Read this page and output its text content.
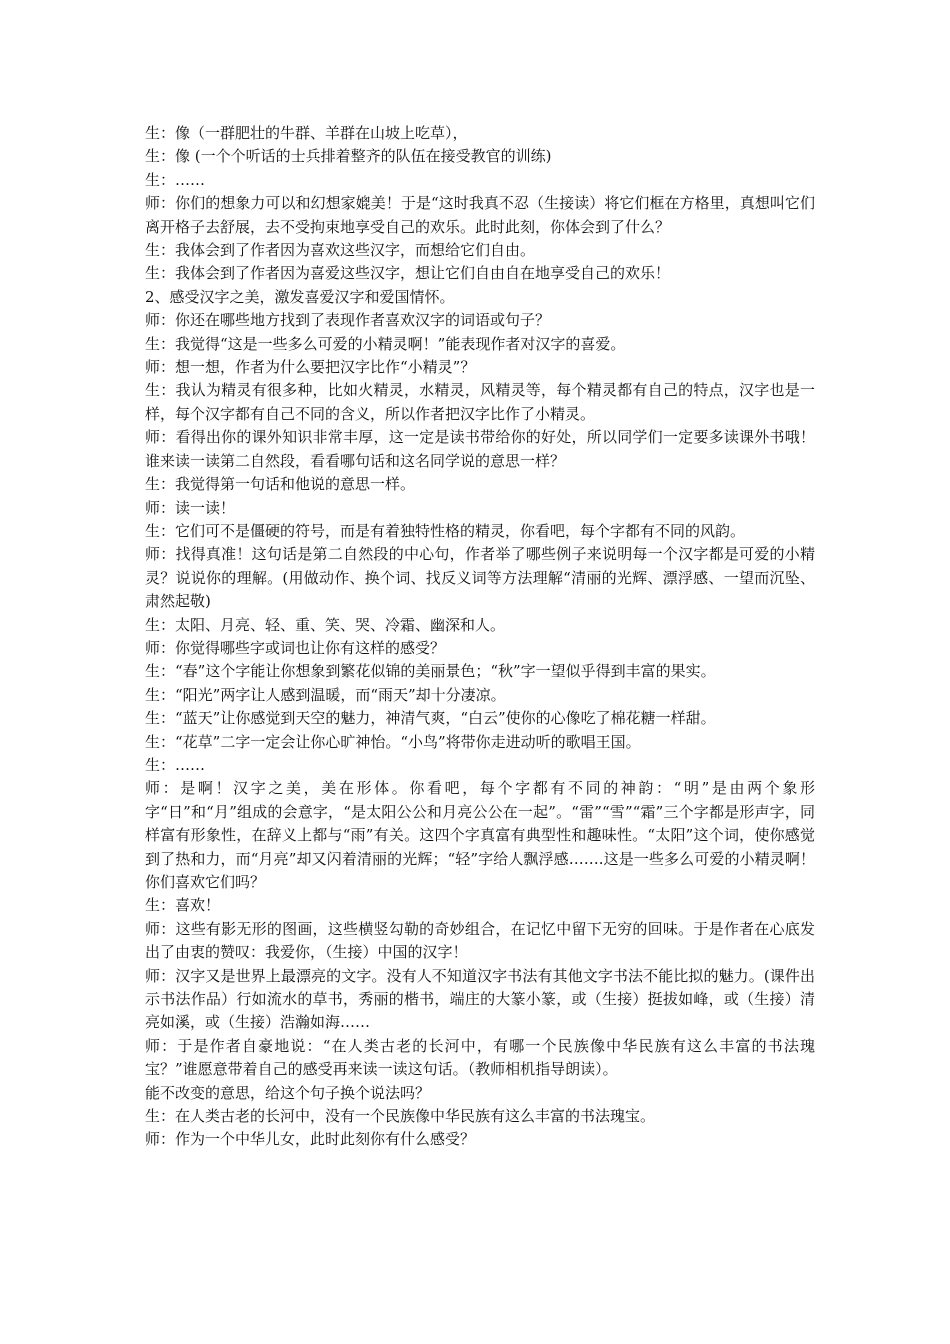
生：像（一群肥壮的牛群、羊群在山坡上吃草），

生：像 (一个个听话的士兵排着整齐的队伍在接受教官的训练)

生：……

师：你们的想象力可以和幻想家媲美！于是“这时我真不忍（生接读）将它们框在方格里，真想叫它们离开格子去舒展，去不受拘束地享受自己的欢乐。此时此刻，你体会到了什么？

生：我体会到了作者因为喜欢这些汉字，而想给它们自由。

生：我体会到了作者因为喜爱这些汉字，想让它们自由自在地享受自己的欢乐！

2、感受汉字之美，激发喜爱汉字和爱国情怀。

师：你还在哪些地方找到了表现作者喜欢汉字的词语或句子？

生：我觉得“这是一些多么可爱的小精灵啊！”能表现作者对汉字的喜爱。

师：想一想，作者为什么要把汉字比作“小精灵”？

生：我认为精灵有很多种，比如火精灵，水精灵，风精灵等，每个精灵都有自己的特点，汉字也是一样，每个汉字都有自己不同的含义，所以作者把汉字比作了小精灵。

师：看得出你的课外知识非常丰厚，这一定是读书带给你的好处，所以同学们一定要多读课外书哦！谁来读一读第二自然段，看看哪句话和这名同学说的意思一样？

生：我觉得第一句话和他说的意思一样。

师：读一读！

生：它们可不是僵硬的符号，而是有着独特性格的精灵，你看吧，每个字都有不同的风韵。

师：找得真准！这句话是第二自然段的中心句，作者举了哪些例子来说明每一个汉字都是可爱的小精灵？说说你的理解。(用做动作、换个词、找反义词等方法理解“清丽的光辉、漂浮感、一望而沉坠、肃然起敬)

生：太阳、月亮、轻、重、笑、哭、冷霜、幽深和人。

师：你觉得哪些字或词也让你有这样的感受？

生：“春”这个字能让你想象到繁花似锦的美丽景色；“秋”字一望似乎得到丰富的果实。

生：“阳光”两字让人感到温暖，而“雨天”却十分凄凉。

生：“蓝天”让你感觉到天空的魅力，神清气爽，“白云”使你的心像吃了棉花糖一样甜。

生：“花草”二字一定会让你心旷神怡。“小鸟”将带你走进动听的歌唱王国。

生：……

师：是啊！汉字之美，美在形体。你看吧，每个字都有不同的神韵：“明”是由两个象形字“日”和“月”组成的会意字，“是太阳公公和月亮公公在一起”。“雷”“雪”“霜”三个字都是形声字，同样富有形象性，在辞义上都与“雨”有关。这四个字真富有典型性和趣味性。“太阳”这个词，使你感觉到了热和力，而“月亮”却又闪着清丽的光辉；“轻”字给人飘浮感…….这是一些多么可爱的小精灵啊！你们喜欢它们吗？

生：喜欢！

师：这些有影无形的图画，这些横竖勾勒的奇妙组合，在记忆中留下无穷的回味。于是作者在心底发出了由衷的赞叹：我爱你，（生接）中国的汉字！

师：汉字又是世界上最漂亮的文字。没有人不知道汉字书法有其他文字书法不能比拟的魅力。(课件出示书法作品）行如流水的草书，秀丽的楷书，端庄的大篆小篆，或（生接）挺拔如峰，或（生接）清亮如溪，或（生接）浩瀚如海……

师：于是作者自豪地说：“在人类古老的长河中，有哪一个民族像中华民族有这么丰富的书法瑰宝？”谁愿意带着自己的感受再来读一读这句话。（教师相机指导朗读）。

能不改变的意思，给这个句子换个说法吗？

生：在人类古老的长河中，没有一个民族像中华民族有这么丰富的书法瑰宝。

师：作为一个中华儿女，此时此刻你有什么感受？
